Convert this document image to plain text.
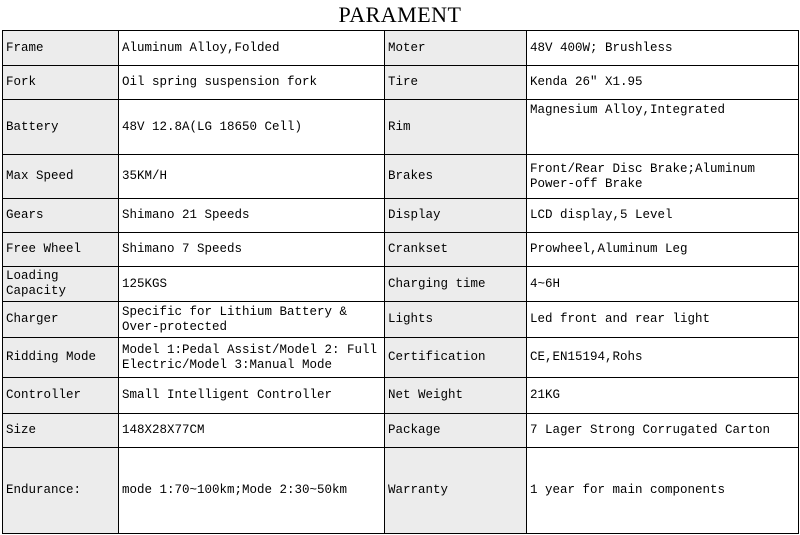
PARAMENT
Frame	Aluminum Alloy,Folded	Moter	48V 400W; Brushless
Fork	Oil spring suspension fork	Tire	Kenda 26″ X1.95
Battery	48V 12.8A(LG 18650 Cell)	Rim	Magnesium Alloy,Integrated
Max Speed	35KM/H	Brakes	Front/Rear Disc Brake;Aluminum Power-off Brake
Gears	Shimano 21 Speeds	Display	LCD display,5 Level
Free Wheel	Shimano 7 Speeds	Crankset	Prowheel,Aluminum Leg
Loading Capacity	125KGS	Charging time	4~6H
Charger	Specific for Lithium Battery & Over-protected	Lights	Led front and rear light
Ridding Mode	Model 1:Pedal Assist/Model 2: Full Electric/Model 3:Manual Mode	Certification	CE,EN15194,Rohs
Controller	Small Intelligent Controller	Net Weight	21KG
Size	148X28X77CM	Package	7 Lager Strong Corrugated Carton
Endurance:	mode 1:70~100km;Mode 2:30~50km	Warranty	1 year for main components
